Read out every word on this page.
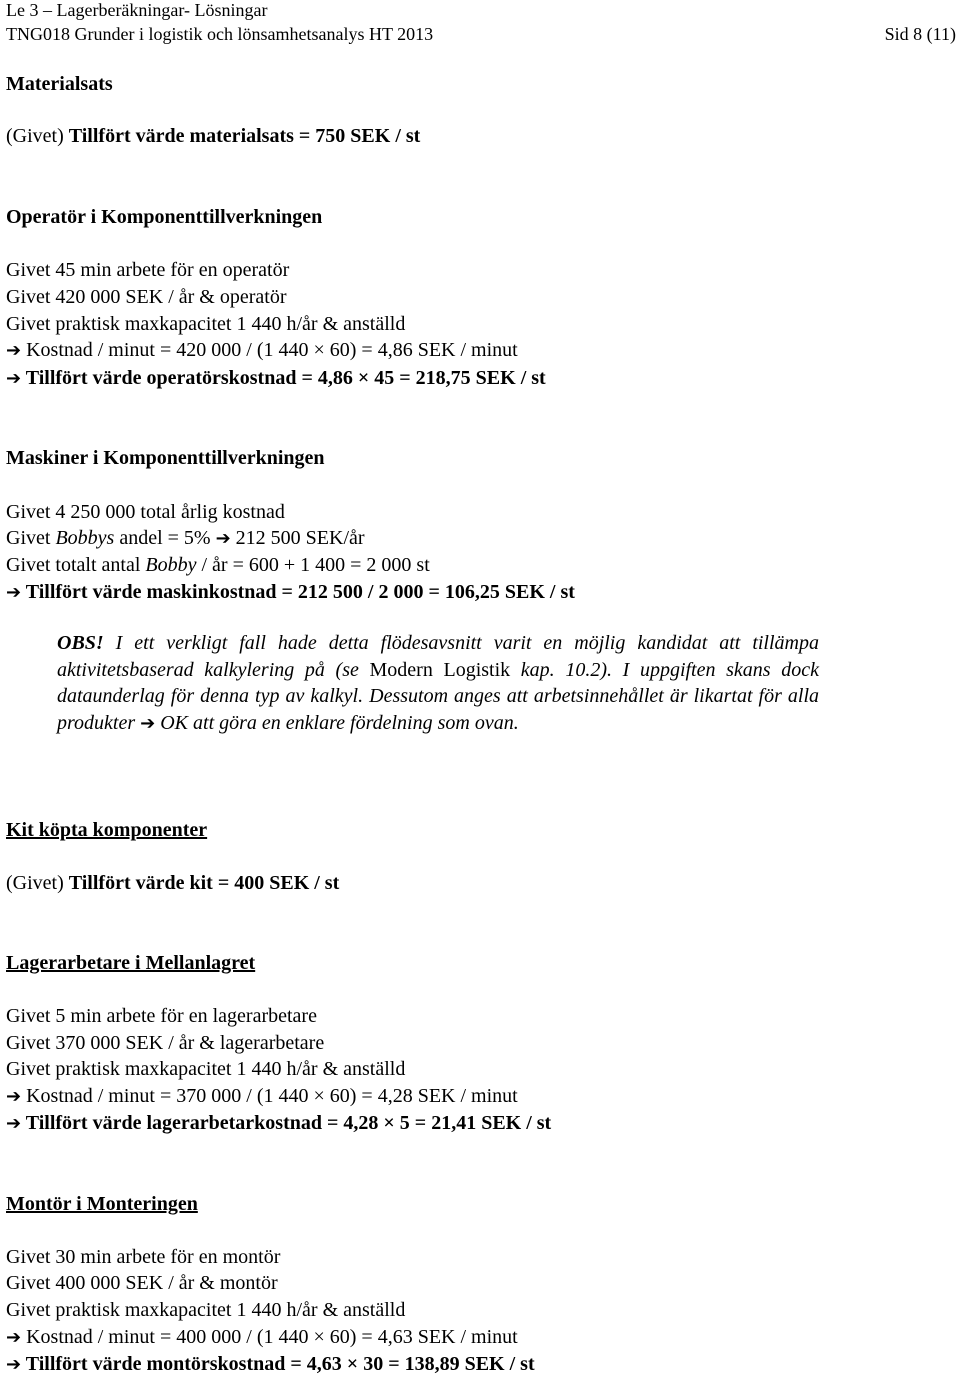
Le 3 – Lagerberäkningar- Lösningar
TNG018 Grunder i logistik och lönsamhetsanalys HT 2013	Sid 8 (11)
Materialsats
(Givet) Tillfört värde materialsats = 750 SEK / st
Operatör i Komponenttillverkningen
Givet 45 min arbete för en operatör
Givet 420 000 SEK / år & operatör
Givet praktisk maxkapacitet 1 440 h/år & anställd
➔ Kostnad / minut = 420 000 / (1 440 × 60) = 4,86 SEK / minut
➔ Tillfört värde operatörskostnad = 4,86 × 45 = 218,75 SEK / st
Maskiner i Komponenttillverkningen
Givet 4 250 000 total årlig kostnad
Givet Bobbys andel = 5% ➔ 212 500 SEK/år
Givet totalt antal Bobby / år = 600 + 1 400 = 2 000 st
➔ Tillfört värde maskinkostnad = 212 500 / 2 000 = 106,25 SEK / st
OBS! I ett verkligt fall hade detta flödesavsnitt varit en möjlig kandidat att tillämpa aktivitetsbaserad kalkylering på (se Modern Logistik kap. 10.2). I uppgiften skans dock dataunderlag för denna typ av kalkyl. Dessutom anges att arbetsinnehållet är likartat för alla produkter ➔ OK att göra en enklare fördelning som ovan.
Kit köpta komponenter
(Givet) Tillfört värde kit = 400 SEK / st
Lagerarbetare i Mellanlagret
Givet 5 min arbete för en lagerarbetare
Givet 370 000 SEK / år & lagerarbetare
Givet praktisk maxkapacitet 1 440 h/år & anställd
➔ Kostnad / minut = 370 000 / (1 440 × 60) = 4,28 SEK / minut
➔ Tillfört värde lagerarbetarkostnad = 4,28 × 5 = 21,41 SEK / st
Montör i Monteringen
Givet 30 min arbete för en montör
Givet 400 000 SEK / år & montör
Givet praktisk maxkapacitet 1 440 h/år & anställd
➔ Kostnad / minut = 400 000 / (1 440 × 60) = 4,63 SEK / minut
➔ Tillfört värde montörskostnad = 4,63 × 30 = 138,89 SEK / st
